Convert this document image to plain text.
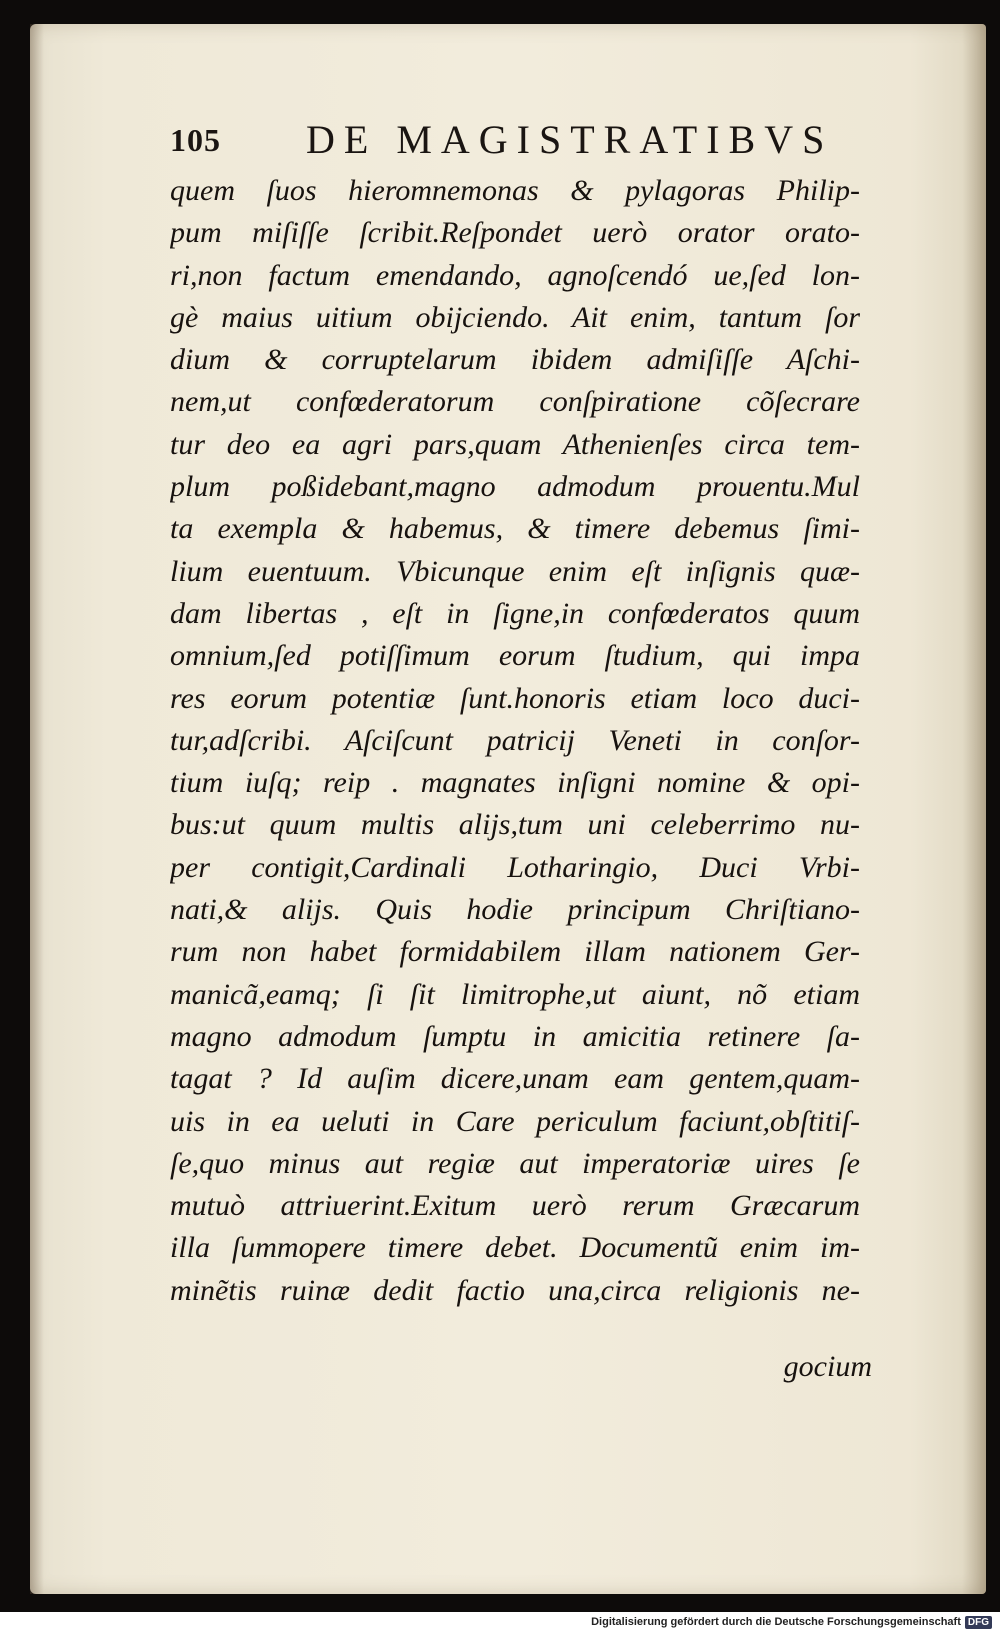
105 DE MAGISTRATIBVS
quem ſuos hieromnemonas & pylagoras Philip-
pum miſiſſe ſcribit.Reſpondet uerò orator orato-
ri,non factum emendando, agnoſcendó ue,ſed lon-
gè maius uitium obijciendo. Ait enim, tantum ſor
dium & corruptelarum ibidem admiſiſſe Aſchi-
nem,ut confœderatorum conſpiratione cõſecrare
tur deo ea agri pars,quam Athenienſes circa tem-
plum poßidebant,magno admodum prouentu.Mul
ta exempla & habemus, & timere debemus ſimi-
lium euentuum. Vbicunque enim eſt inſignis quæ-
dam libertas , eſt in ſigne,in confœderatos quum
omnium,ſed potiſſimum eorum ſtudium, qui impa
res eorum potentiæ ſunt.honoris etiam loco duci-
tur,adſcribi. Aſciſcunt patricij Veneti in conſor-
tium iuſq; reip . magnates inſigni nomine & opi-
bus:ut quum multis alijs,tum uni celeberrimo nu-
per contigit,Cardinali Lotharingio, Duci Vrbi-
nati,& alijs. Quis hodie principum Chriſtiano-
rum non habet formidabilem illam nationem Ger-
manicã,eamq; ſi ſit limitrophe,ut aiunt, nõ etiam
magno admodum ſumptu in amicitia retinere ſa-
tagat ? Id auſim dicere,unam eam gentem,quam-
uis in ea ueluti in Care periculum faciunt,obſtitiſ-
ſe,quo minus aut regiæ aut imperatoriæ uires ſe
mutuò attriuerint.Exitum uerò rerum Græcarum
illa ſummopere timere debet. Documentũ enim im-
minẽtis ruinæ dedit factio una,circa religionis ne-
gocium
Digitalisierung gefördert durch die Deutsche Forschungsgemeinschaft DFG
